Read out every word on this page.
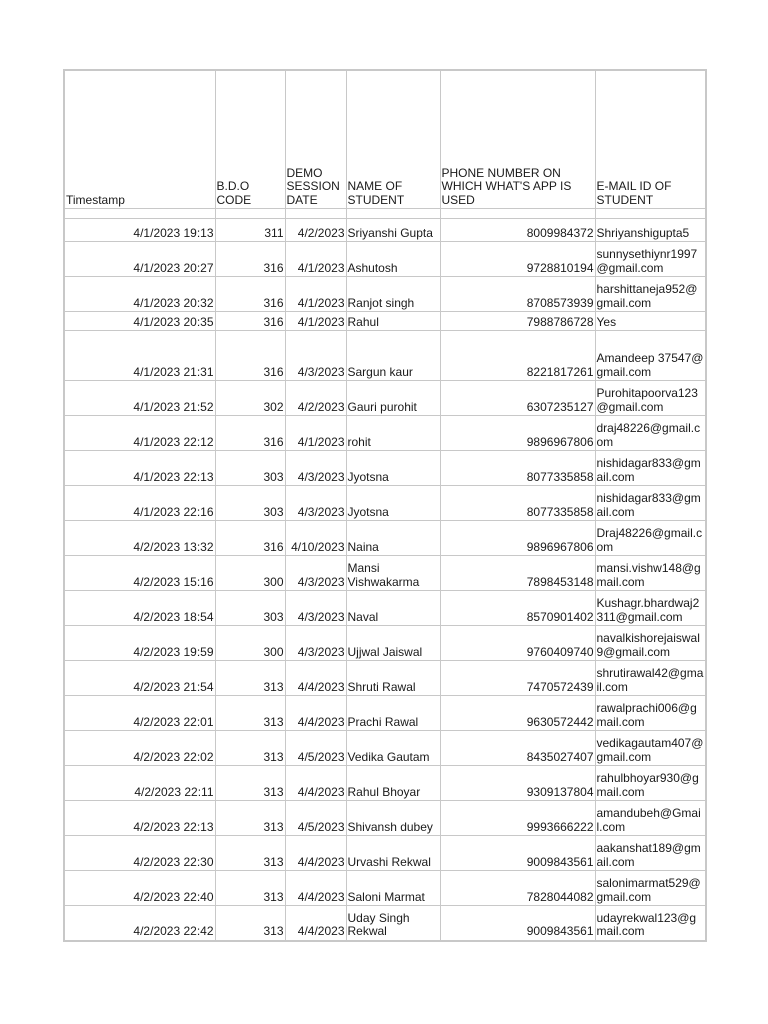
Timestamp	B.D.O CODE	DEMO SESSION DATE	NAME OF STUDENT	PHONE NUMBER ON WHICH WHAT'S APP IS USED	E-MAIL ID OF STUDENT

4/1/2023 19:13	311	4/2/2023	Sriyanshi Gupta	8009984372	Shriyanshigupta5
4/1/2023 20:27	316	4/1/2023	Ashutosh	9728810194	sunnysethiynr1997@gmail.com
4/1/2023 20:32	316	4/1/2023	Ranjot singh	8708573939	harshittaneja952@gmail.com
4/1/2023 20:35	316	4/1/2023	Rahul	7988786728	Yes
4/1/2023 21:31	316	4/3/2023	Sargun kaur	8221817261	Amandeep 37547@gmail.com
4/1/2023 21:52	302	4/2/2023	Gauri purohit	6307235127	Purohitapoorva123@gmail.com
4/1/2023 22:12	316	4/1/2023	rohit	9896967806	draj48226@gmail.com
4/1/2023 22:13	303	4/3/2023	Jyotsna	8077335858	nishidagar833@gmail.com
4/1/2023 22:16	303	4/3/2023	Jyotsna	8077335858	nishidagar833@gmail.com
4/2/2023 13:32	316	4/10/2023	Naina	9896967806	Draj48226@gmail.com
4/2/2023 15:16	300	4/3/2023	Mansi Vishwakarma	7898453148	mansi.vishw148@gmail.com
4/2/2023 18:54	303	4/3/2023	Naval	8570901402	Kushagr.bhardwaj2311@gmail.com
4/2/2023 19:59	300	4/3/2023	Ujjwal Jaiswal	9760409740	navalkishorejaiswal9@gmail.com
4/2/2023 21:54	313	4/4/2023	Shruti Rawal	7470572439	shrutirawal42@gmail.com
4/2/2023 22:01	313	4/4/2023	Prachi Rawal	9630572442	rawalprachi006@gmail.com
4/2/2023 22:02	313	4/5/2023	Vedika Gautam	8435027407	vedikagautam407@gmail.com
4/2/2023 22:11	313	4/4/2023	Rahul Bhoyar	9309137804	rahulbhoyar930@gmail.com
4/2/2023 22:13	313	4/5/2023	Shivansh dubey	9993666222	amandubeh@Gmail.com
4/2/2023 22:30	313	4/4/2023	Urvashi Rekwal	9009843561	aakanshat189@gmail.com
4/2/2023 22:40	313	4/4/2023	Saloni Marmat	7828044082	salonimarmat529@gmail.com
4/2/2023 22:42	313	4/4/2023	Uday Singh Rekwal	9009843561	udayrekwal123@gmail.com
